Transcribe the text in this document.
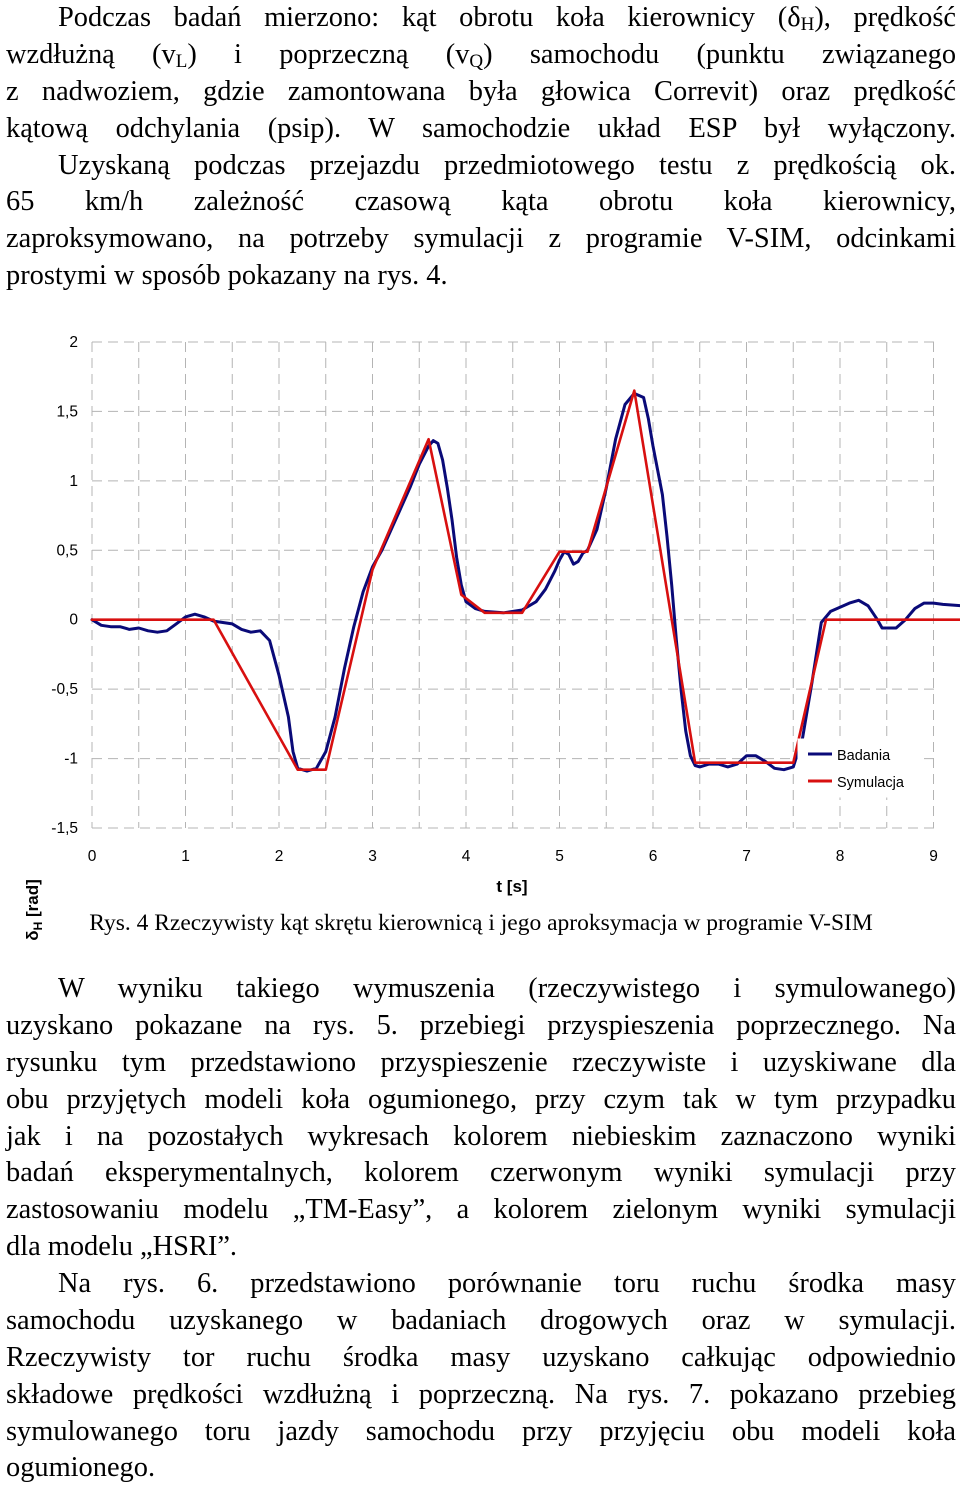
Podczas badań mierzono: kąt obrotu koła kierownicy $(\delta_H)$, prędkość
wzdłużną $(v_L)$ i poprzeczną $(v_Q)$ samochodu (punktu związanego
z nadwoziem, gdzie zamontowana była głowica Correvit) oraz prędkość
kątową odchylania (psip). W samochodzie układ ESP był wyłączony.
Uzyskaną podczas przejazdu przedmiotowego testu z prędkością ok.
65 km/h zależność czasową kąta obrotu koła kierownicy,
zaproksymowano, na potrzeby symulacji z programie V-SIM, odcinkami
prostymi w sposób pokazany na rys. 4.
2
1,5
1
0,5
0
-0,5
-1
-1,5
0	1	2	3	4	5	6	7	8	9
t [s]
$\delta_H$ [rad]
Badania
Symulacja
Rys. 4 Rzeczywisty kąt skrętu kierownicą i jego aproksymacja w programie V-SIM
W wyniku takiego wymuszenia (rzeczywistego i symulowanego)
uzyskano pokazane na rys. 5. przebiegi przyspieszenia poprzecznego. Na
rysunku tym przedstawiono przyspieszenie rzeczywiste i uzyskiwane dla
obu przyjętych modeli koła ogumionego, przy czym tak w tym przypadku
jak i na pozostałych wykresach kolorem niebieskim zaznaczono wyniki
badań eksperymentalnych, kolorem czerwonym wyniki symulacji przy
zastosowaniu modelu „TM-Easy”, a kolorem zielonym wyniki symulacji
dla modelu „HSRI”.
Na rys. 6. przedstawiono porównanie toru ruchu środka masy
samochodu uzyskanego w badaniach drogowych oraz w symulacji.
Rzeczywisty tor ruchu środka masy uzyskano całkując odpowiednio
składowe prędkości wzdłużną i poprzeczną. Na rys. 7. pokazano przebieg
symulowanego toru jazdy samochodu przy przyjęciu obu modeli koła
ogumionego.
